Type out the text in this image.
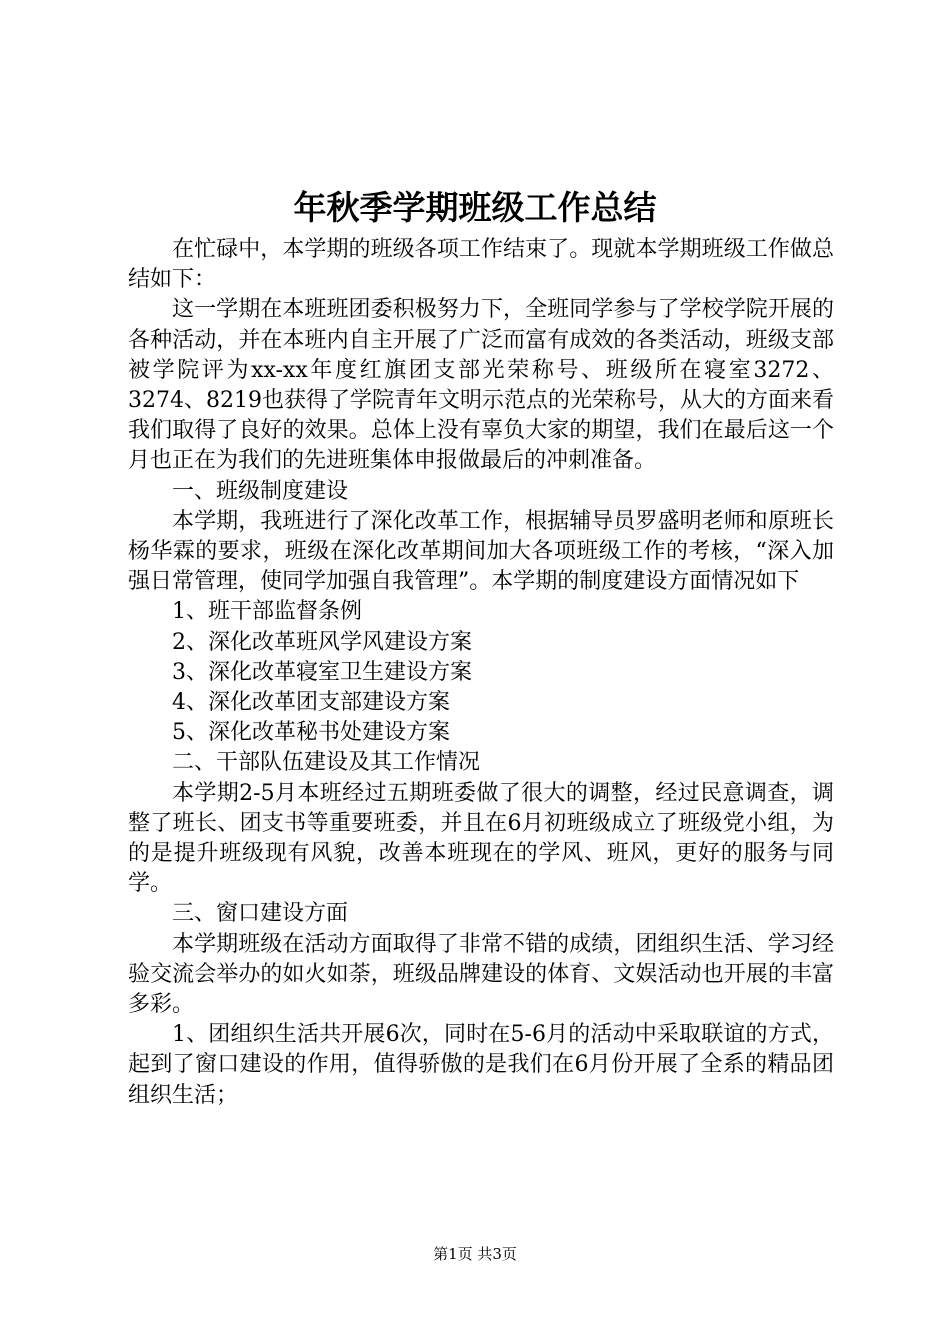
年秋季学期班级工作总结

在忙碌中，本学期的班级各项工作结束了。现就本学期班级工作做总结如下：

这一学期在本班班团委积极努力下，全班同学参与了学校学院开展的各种活动，并在本班内自主开展了广泛而富有成效的各类活动，班级支部被学院评为xx-xx年度红旗团支部光荣称号、班级所在寝室3272、3274、8219也获得了学院青年文明示范点的光荣称号，从大的方面来看我们取得了良好的效果。总体上没有辜负大家的期望，我们在最后这一个月也正在为我们的先进班集体申报做最后的冲刺准备。

一、班级制度建设

本学期，我班进行了深化改革工作，根据辅导员罗盛明老师和原班长杨华霖的要求，班级在深化改革期间加大各项班级工作的考核，“深入加强日常管理，使同学加强自我管理”。本学期的制度建设方面情况如下

1、班干部监督条例

2、深化改革班风学风建设方案

3、深化改革寝室卫生建设方案

4、深化改革团支部建设方案

5、深化改革秘书处建设方案

二、干部队伍建设及其工作情况

本学期2-5月本班经过五期班委做了很大的调整，经过民意调查，调整了班长、团支书等重要班委，并且在6月初班级成立了班级党小组，为的是提升班级现有风貌，改善本班现在的学风、班风，更好的服务与同学。

三、窗口建设方面

本学期班级在活动方面取得了非常不错的成绩，团组织生活、学习经验交流会举办的如火如荼，班级品牌建设的体育、文娱活动也开展的丰富多彩。

1、团组织生活共开展6次，同时在5-6月的活动中采取联谊的方式，起到了窗口建设的作用，值得骄傲的是我们在6月份开展了全系的精品团组织生活；

第1页 共3页
